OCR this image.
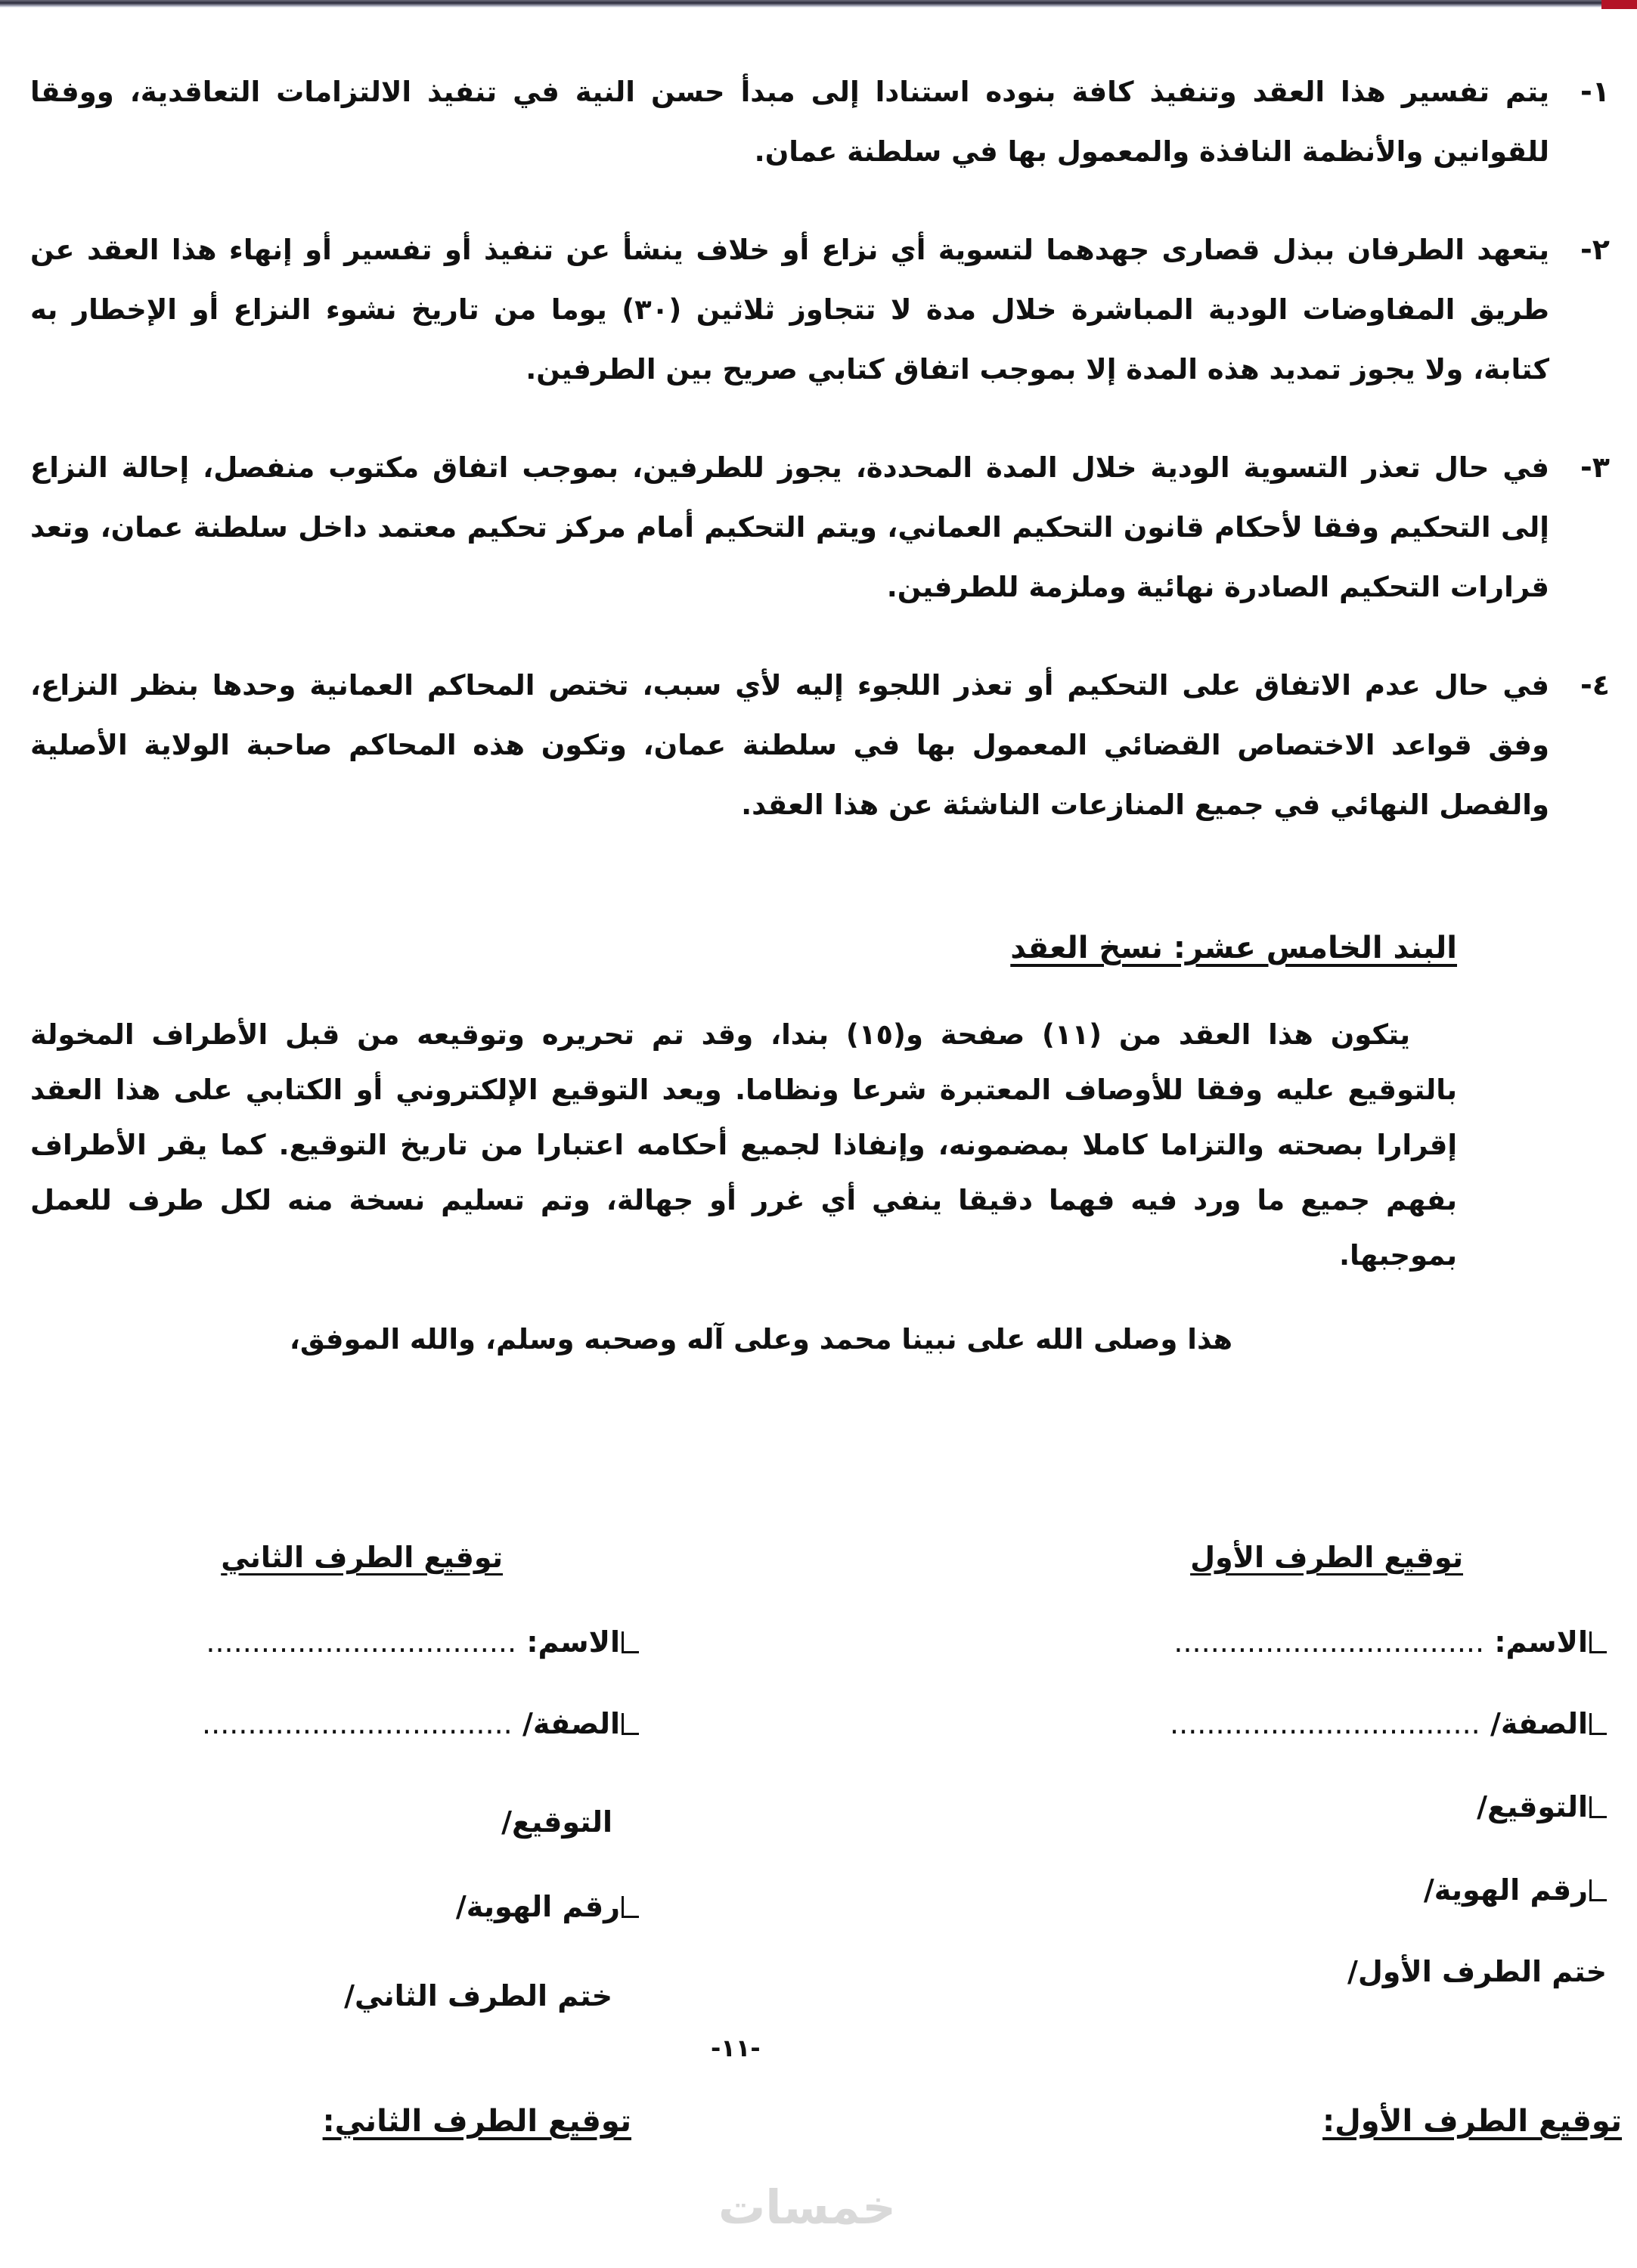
١-
يتم تفسير هذا العقد وتنفيذ كافة بنوده استنادا إلى مبدأ حسن النية في تنفيذ الالتزامات التعاقدية، ووفقا للقوانين والأنظمة النافذة والمعمول بها في سلطنة عمان.
٢-
يتعهد الطرفان ببذل قصارى جهدهما لتسوية أي نزاع أو خلاف ينشأ عن تنفيذ أو تفسير أو إنهاء هذا العقد عن طريق المفاوضات الودية المباشرة خلال مدة لا تتجاوز ثلاثين (٣٠) يوما من تاريخ نشوء النزاع أو الإخطار به كتابة، ولا يجوز تمديد هذه المدة إلا بموجب اتفاق كتابي صريح بين الطرفين.
٣-
في حال تعذر التسوية الودية خلال المدة المحددة، يجوز للطرفين، بموجب اتفاق مكتوب منفصل، إحالة النزاع إلى التحكيم وفقا لأحكام قانون التحكيم العماني، ويتم التحكيم أمام مركز تحكيم معتمد داخل سلطنة عمان، وتعد قرارات التحكيم الصادرة نهائية وملزمة للطرفين.
٤-
في حال عدم الاتفاق على التحكيم أو تعذر اللجوء إليه لأي سبب، تختص المحاكم العمانية وحدها بنظر النزاع، وفق قواعد الاختصاص القضائي المعمول بها في سلطنة عمان، وتكون هذه المحاكم صاحبة الولاية الأصلية والفصل النهائي في جميع المنازعات الناشئة عن هذا العقد.
البند الخامس عشر: نسخ العقد
يتكون هذا العقد من (١١) صفحة و(١٥) بندا، وقد تم تحريره وتوقيعه من قبل الأطراف المخولة بالتوقيع عليه وفقا للأوصاف المعتبرة شرعا ونظاما. ويعد التوقيع الإلكتروني أو الكتابي على هذا العقد إقرارا بصحته والتزاما كاملا بمضمونه، وإنفاذا لجميع أحكامه اعتبارا من تاريخ التوقيع. كما يقر الأطراف بفهم جميع ما ورد فيه فهما دقيقا ينفي أي غرر أو جهالة، وتم تسليم نسخة منه لكل طرف للعمل بموجبها.
هذا وصلى الله على نبينا محمد وعلى آله وصحبه وسلم، والله الموفق،
توقيع الطرف الأول
الاسم: ..................................
الصفة/ ..................................
التوقيع/
رقم الهوية/
ختم الطرف الأول/
توقيع الطرف الثاني
الاسم: ..................................
الصفة/ ..................................
التوقيع/
رقم الهوية/
ختم الطرف الثاني/
-١١-
توقيع الطرف الأول:
توقيع الطرف الثاني:
خمسات
